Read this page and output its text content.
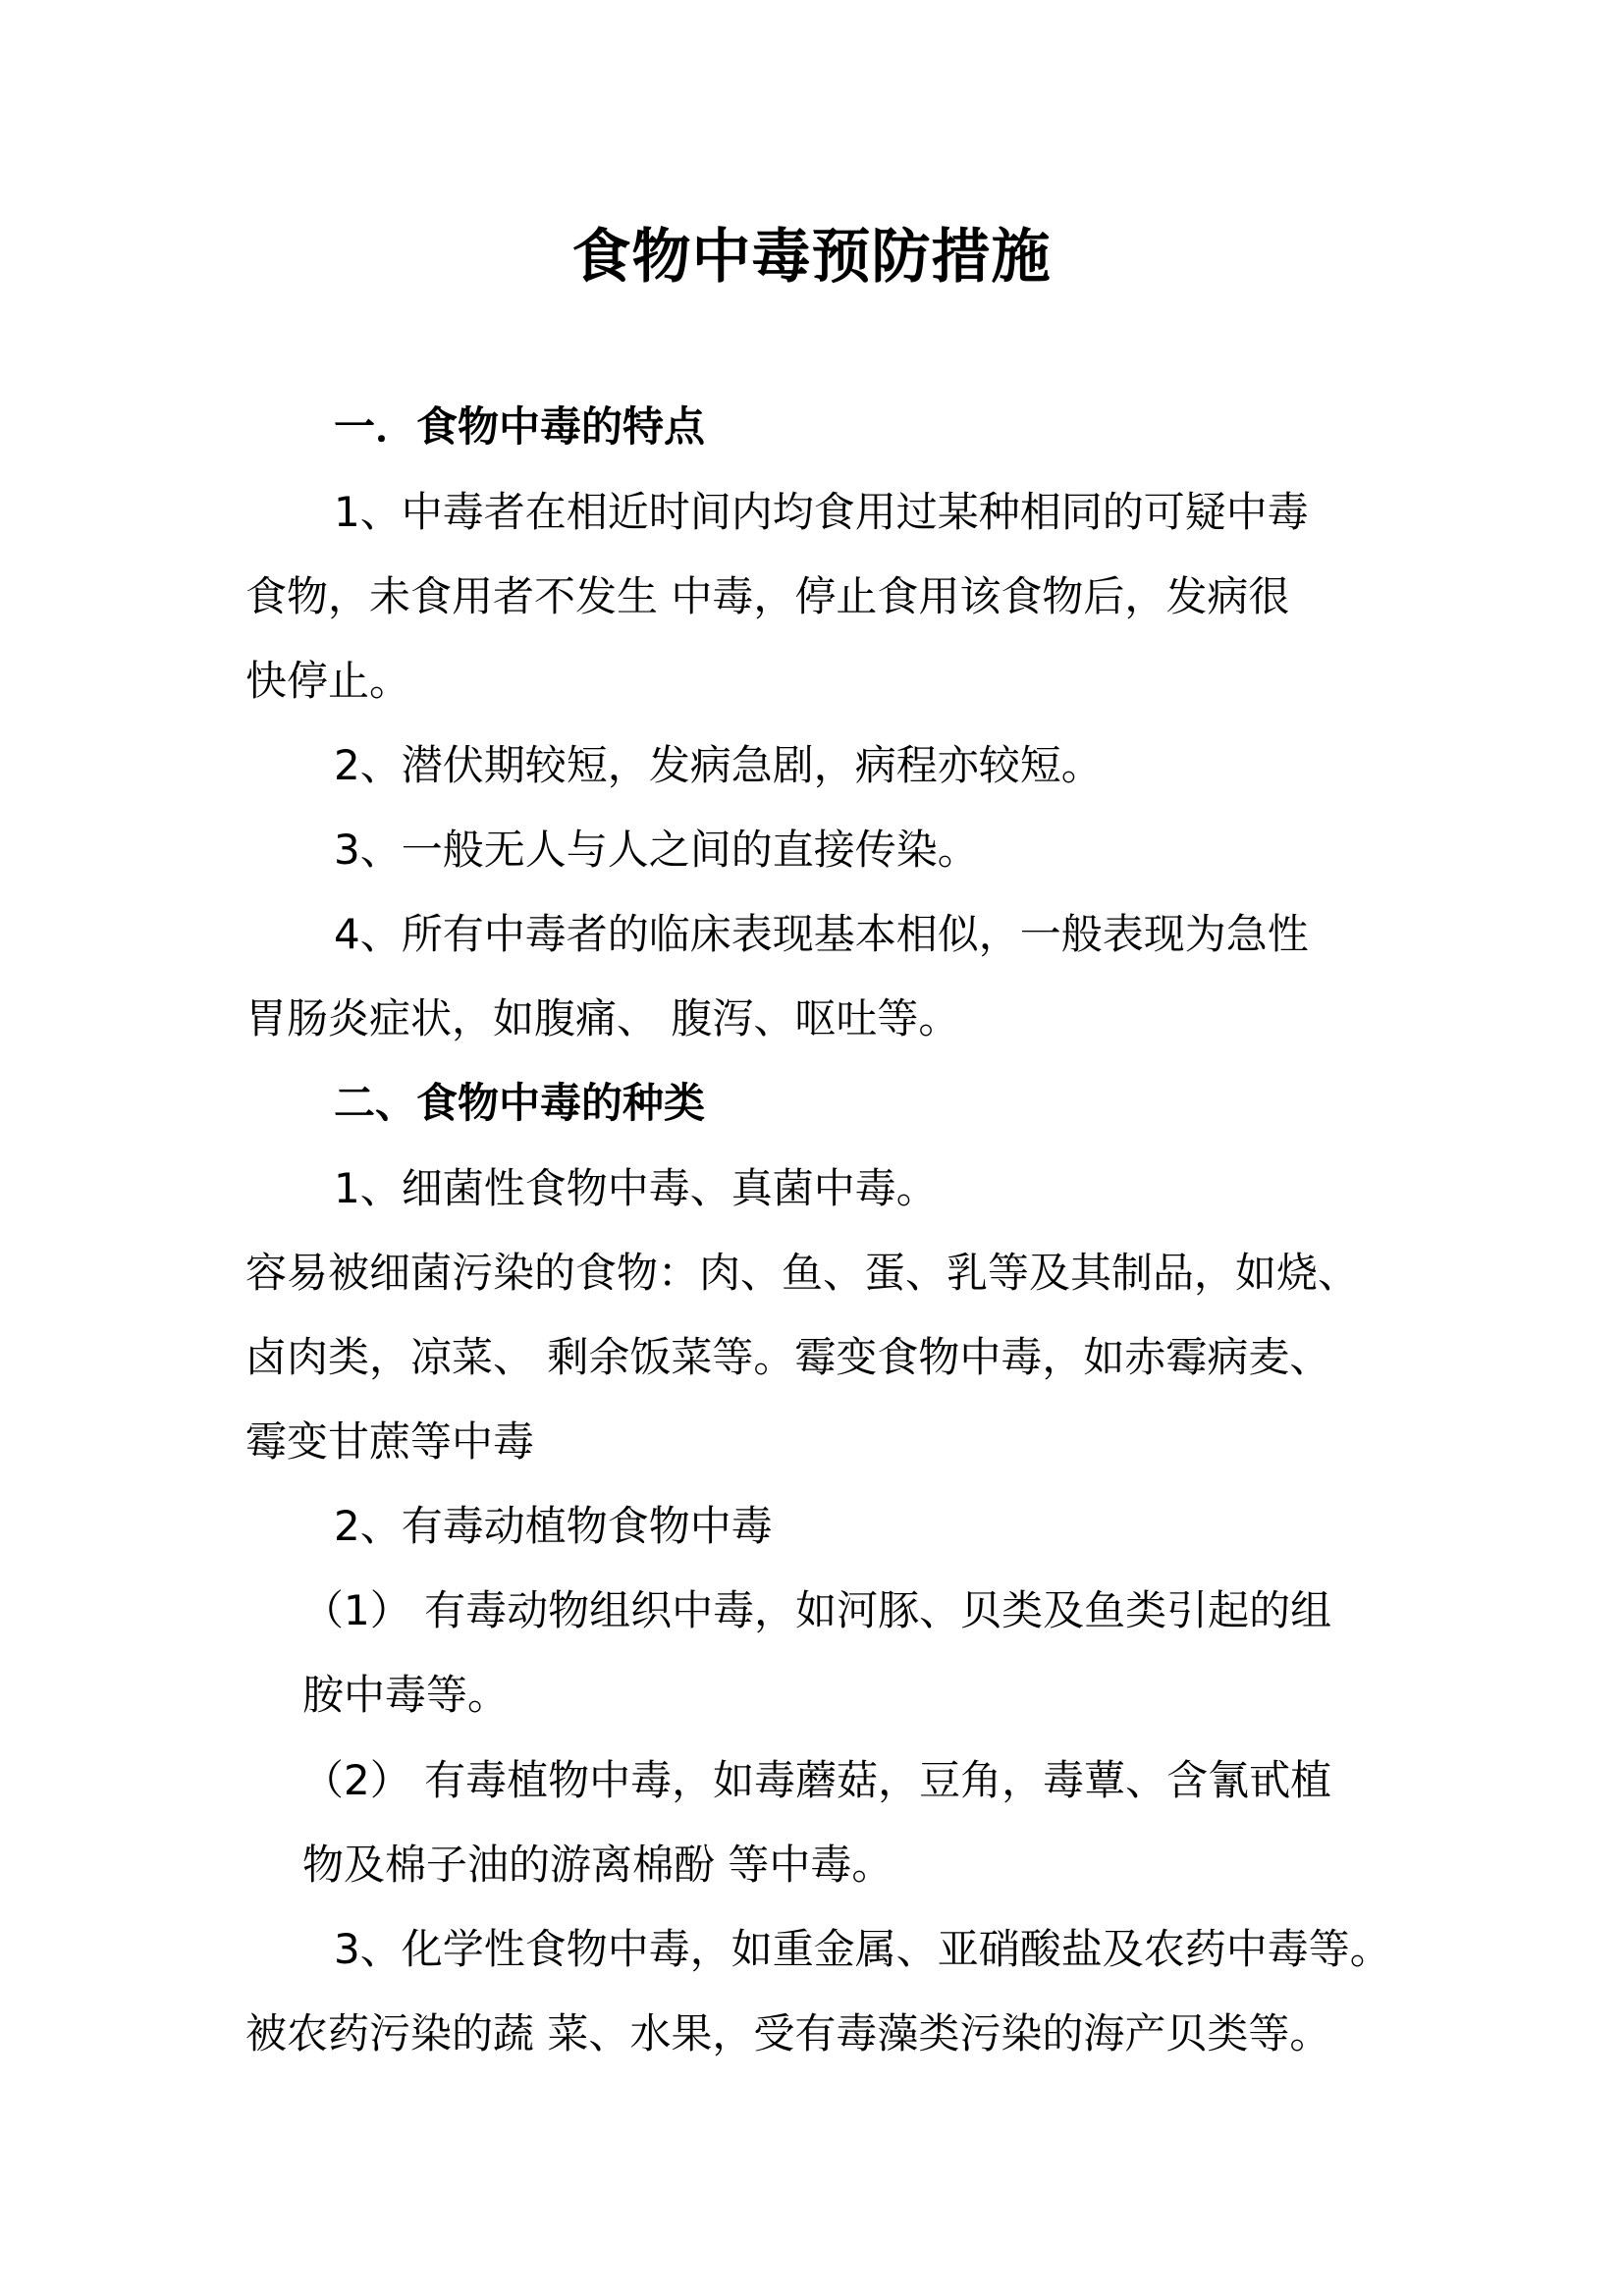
食物中毒预防措施

一．食物中毒的特点

1、中毒者在相近时间内均食用过某种相同的可疑中毒

食物，未食用者不发生 中毒，停止食用该食物后，发病很

快停止。

2、潜伏期较短，发病急剧，病程亦较短。

3、一般无人与人之间的直接传染。

4、所有中毒者的临床表现基本相似，一般表现为急性

胃肠炎症状，如腹痛、 腹泻、呕吐等。

二、食物中毒的种类

1、细菌性食物中毒、真菌中毒。

容易被细菌污染的食物：肉、鱼、蛋、乳等及其制品，如烧、

卤肉类，凉菜、 剩余饭菜等。霉变食物中毒，如赤霉病麦、

霉变甘蔗等中毒

2、有毒动植物食物中毒

（1） 有毒动物组织中毒，如河豚、贝类及鱼类引起的组

胺中毒等。

（2） 有毒植物中毒，如毒蘑菇，豆角，毒蕈、含氰甙植

物及棉子油的游离棉酚 等中毒。

3、化学性食物中毒，如重金属、亚硝酸盐及农药中毒等。

被农药污染的蔬 菜、水果，受有毒藻类污染的海产贝类等。
